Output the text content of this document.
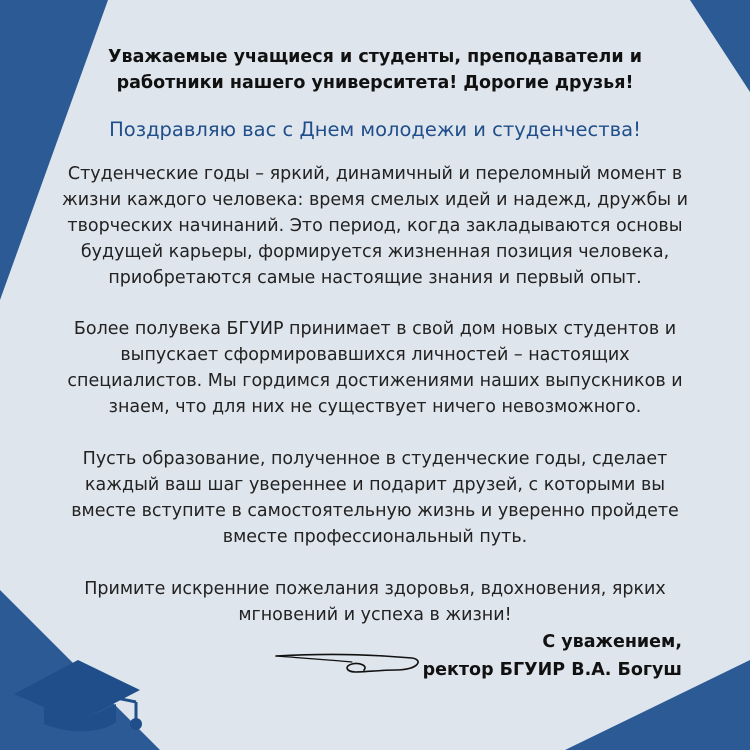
Уважаемые учащиеся и студенты, преподаватели и
работники нашего университета! Дорогие друзья!
Поздравляю вас с Днем молодежи и студенчества!
Студенческие годы – яркий, динамичный и переломный момент в
жизни каждого человека: время смелых идей и надежд, дружбы и
творческих начинаний. Это период, когда закладываются основы
будущей карьеры, формируется жизненная позиция человека,
приобретаются самые настоящие знания и первый опыт.
Более полувека БГУИР принимает в свой дом новых студентов и
выпускает сформировавшихся личностей – настоящих
специалистов. Мы гордимся достижениями наших выпускников и
знаем, что для них не существует ничего невозможного.
Пусть образование, полученное в студенческие годы, сделает
каждый ваш шаг увереннее и подарит друзей, с которыми вы
вместе вступите в самостоятельную жизнь и уверенно пройдете
вместе профессиональный путь.
Примите искренние пожелания здоровья, вдохновения, ярких
мгновений и успеха в жизни!
С уважением,
ректор БГУИР В.А. Богуш
